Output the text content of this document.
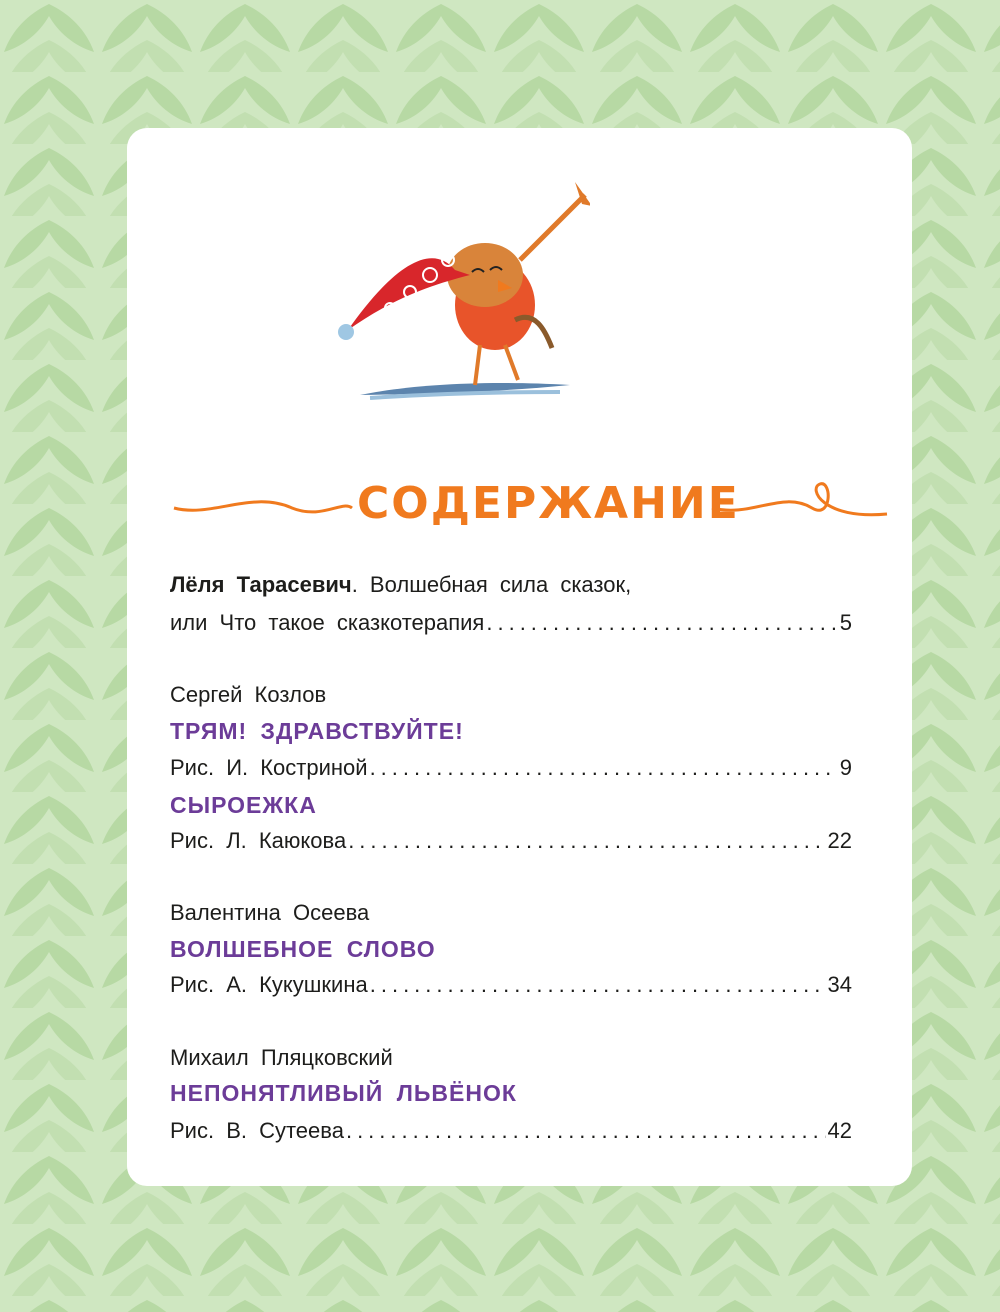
СОДЕРЖАНИЕ
Лёля Тарасевич. Волшебная сила сказок,
или Что такое сказкотерапия .....	5
Сергей Козлов
ТРЯМ! ЗДРАВСТВУЙТЕ!
Рис. И. Костриной .....	9
СЫРОЕЖКА
Рис. Л. Каюкова .....	22
Валентина Осеева
ВОЛШЕБНОЕ СЛОВО
Рис. А. Кукушкина .....	34
Михаил Пляцковский
НЕПОНЯТЛИВЫЙ ЛЬВЁНОК
Рис. В. Сутеева .....	42
